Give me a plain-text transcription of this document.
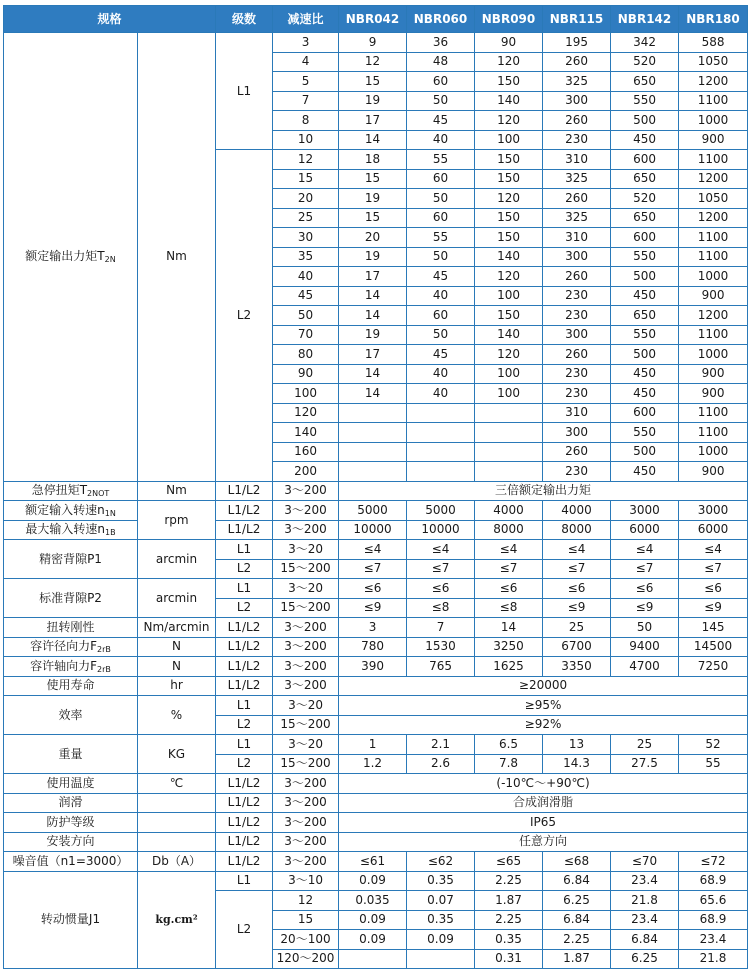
规格		级数	减速比	NBR042	NBR060	NBR090	NBR115	NBR142	NBR180
额定输出力矩$T_{2N}$	Nm	L1	3	9	36	90	195	342	588
			4	12	48	120	260	520	1050
			5	15	60	150	325	650	1200
			7	19	50	140	300	550	1100
			8	17	45	120	260	500	1000
			10	14	40	100	230	450	900
		L2	12	18	55	150	310	600	1100
			15	15	60	150	325	650	1200
			20	19	50	120	260	520	1050
			25	15	60	150	325	650	1200
			30	20	55	150	310	600	1100
			35	19	50	140	300	550	1100
			40	17	45	120	260	500	1000
			45	14	40	100	230	450	900
			50	14	60	150	230	650	1200
			70	19	50	140	300	550	1100
			80	17	45	120	260	500	1000
			90	14	40	100	230	450	900
			100	14	40	100	230	450	900
			120				310	600	1100
			140				300	550	1100
			160				260	500	1000
			200				230	450	900
急停扭矩$T_{2NOT}$	Nm	L1/L2	3～200	三倍额定输出力矩					
额定输入转速$n_{1N}$	rpm	L1/L2	3～200	5000	5000	4000	4000	3000	3000
最大输入转速$n_{1B}$		L1/L2	3～200	10000	10000	8000	8000	6000	6000
精密背隙P1	arcmin	L1	3～20	≤4	≤4	≤4	≤4	≤4	≤4
		L2	15～200	≤7	≤7	≤7	≤7	≤7	≤7
标准背隙P2	arcmin	L1	3～20	≤6	≤6	≤6	≤6	≤6	≤6
		L2	15～200	≤9	≤8	≤8	≤9	≤9	≤9
扭转刚性	Nm/arcmin	L1/L2	3～200	3	7	14	25	50	145
容许径向力$F_{2rB}$	N	L1/L2	3～200	780	1530	3250	6700	9400	14500
容许轴向力$F_{2rB}$	N	L1/L2	3～200	390	765	1625	3350	4700	7250
使用寿命	hr	L1/L2	3～200	≥20000					
效率	%	L1	3～20	≥95%					
		L2	15～200	≥92%					
重量	KG	L1	3～20	1	2.1	6.5	13	25	52
		L2	15～200	1.2	2.6	7.8	14.3	27.5	55
使用温度	℃	L1/L2	3～200	(-10℃～+90℃)					
润滑		L1/L2	3～200	合成润滑脂					
防护等级		L1/L2	3～200	IP65					
安装方向		L1/L2	3～200	任意方向					
噪音值（n1=3000）	Db（A）	L1/L2	3～200	≤61	≤62	≤65	≤68	≤70	≤72
转动惯量J1	kg.cm²	L1	3～10	0.09	0.35	2.25	6.84	23.4	68.9
		L2	12	0.035	0.07	1.87	6.25	21.8	65.6
			15	0.09	0.35	2.25	6.84	23.4	68.9
			20～100	0.09	0.09	0.35	2.25	6.84	23.4
			120～200			0.31	1.87	6.25	21.8
